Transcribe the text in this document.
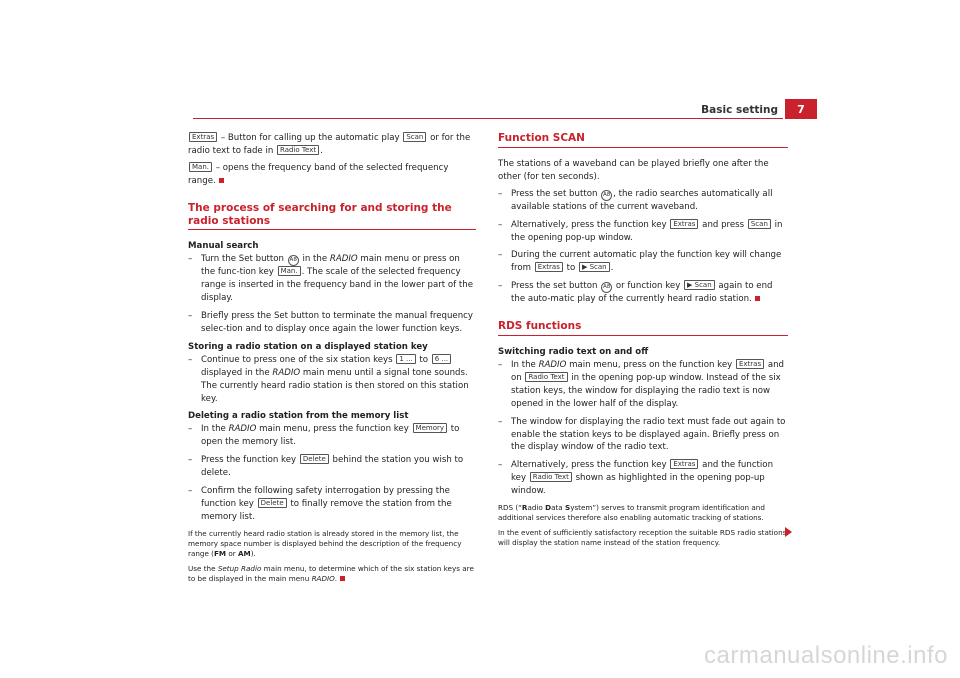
Basic setting	7

Extras – Button for calling up the automatic play Scan or for the radio text to fade in Radio Text .

Man. – opens the frequency band of the selected frequency range.

The process of searching for and storing the radio stations
Manual search
– Turn the Set button A8 in the RADIO main menu or press on the func-tion key Man. . The scale of the selected frequency range is inserted in the frequency band in the lower part of the display.
– Briefly press the Set button to terminate the manual frequency selec-tion and to display once again the lower function keys.
Storing a radio station on a displayed station key
– Continue to press one of the six station keys 1 ... to 6 ... displayed in the RADIO main menu until a signal tone sounds. The currently heard radio station is then stored on this station key.
Deleting a radio station from the memory list
– In the RADIO main menu, press the function key Memory to open the memory list.
– Press the function key Delete behind the station you wish to delete.
– Confirm the following safety interrogation by pressing the function key Delete to finally remove the station from the memory list.

If the currently heard radio station is already stored in the memory list, the memory space number is displayed behind the description of the frequency range (FM or AM).

Use the Setup Radio main menu, to determine which of the six station keys are to be displayed in the main menu RADIO.

Function SCAN

The stations of a waveband can be played briefly one after the other (for ten seconds).

– Press the set button A8 , the radio searches automatically all available stations of the current waveband.
– Alternatively, press the function key Extras and press Scan in the opening pop-up window.
– During the current automatic play the function key will change from Extras to ▶ Scan .
– Press the set button A8 or function key ▶ Scan again to end the auto-matic play of the currently heard radio station.
RDS functions
Switching radio text on and off
– In the RADIO main menu, press on the function key Extras and on Radio Text in the opening pop-up window. Instead of the six station keys, the window for displaying the radio text is now opened in the lower half of the display.
– The window for displaying the radio text must fade out again to enable the station keys to be displayed again. Briefly press on the display window of the radio text.
– Alternatively, press the function key Extras and the function key Radio Text shown as highlighted in the opening pop-up window.

RDS (“Radio Data System”) serves to transmit program identification and additional services therefore also enabling automatic tracking of stations.

In the event of sufficiently satisfactory reception the suitable RDS radio stations will display the station name instead of the station frequency.

carmanualsonline.info
